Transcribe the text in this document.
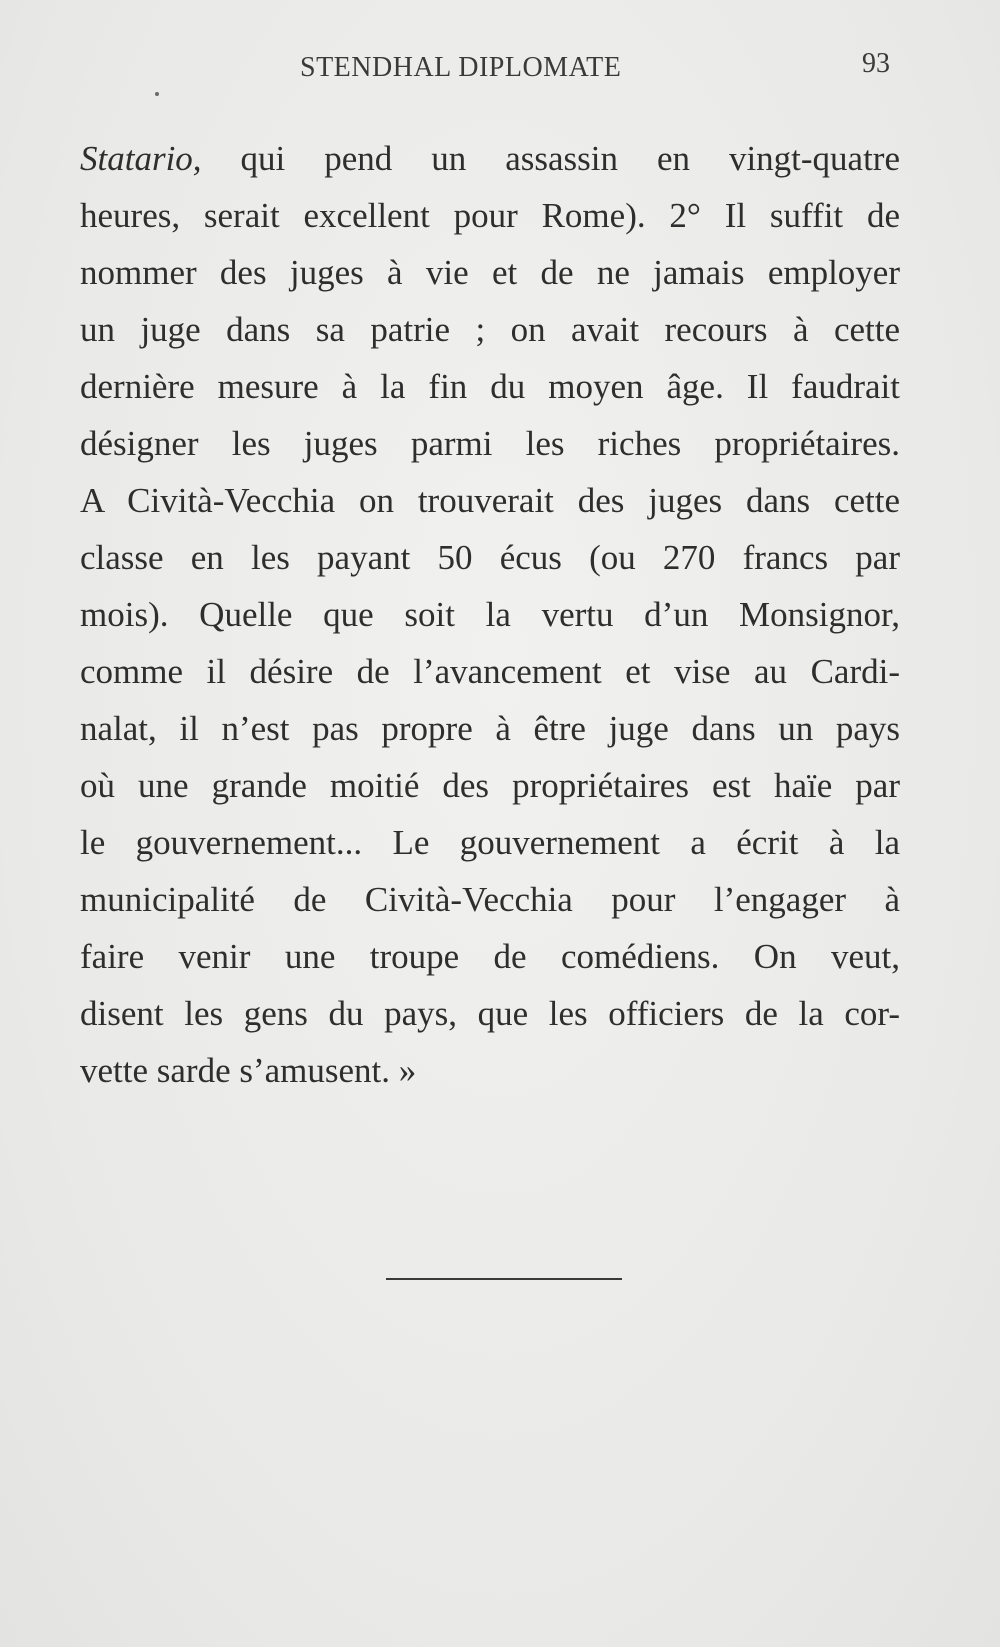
STENDHAL DIPLOMATE	93
Statario, qui pend un assassin en vingt-quatre
heures, serait excellent pour Rome). 2° Il suffit de
nommer des juges à vie et de ne jamais employer
un juge dans sa patrie ; on avait recours à cette
dernière mesure à la fin du moyen âge. Il faudrait
désigner les juges parmi les riches propriétaires.
A Cività-Vecchia on trouverait des juges dans cette
classe en les payant 50 écus (ou 270 francs par
mois). Quelle que soit la vertu d’un Monsignor,
comme il désire de l’avancement et vise au Cardi-
nalat, il n’est pas propre à être juge dans un pays
où une grande moitié des propriétaires est haïe par
le gouvernement... Le gouvernement a écrit à la
municipalité de Cività-Vecchia pour l’engager à
faire venir une troupe de comédiens. On veut,
disent les gens du pays, que les officiers de la cor-
vette sarde s’amusent. »
